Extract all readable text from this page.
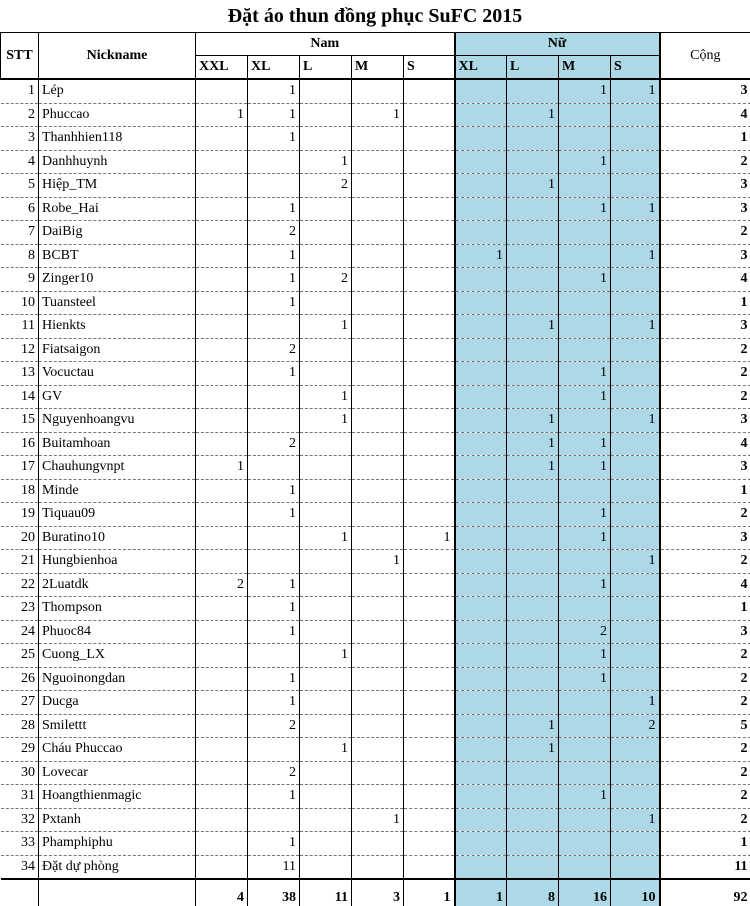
Đặt áo thun đồng phục SuFC 2015
STT	Nickname	Nam					Nữ				Cộng
		XXL	XL	L	M	S	XL	L	M	S	
1	Lép		1						1	1	3
2	Phuccao	1	1		1			1			4
3	Thanhhien118		1								1
4	Danhhuynh			1					1		2
5	Hiệp_TM			2				1			3
6	Robe_Hai		1						1	1	3
7	DaiBig		2								2
8	BCBT		1				1			1	3
9	Zinger10		1	2					1		4
10	Tuansteel		1								1
11	Hienkts			1				1		1	3
12	Fiatsaigon		2								2
13	Vocuctau		1						1		2
14	GV			1					1		2
15	Nguyenhoangvu			1				1		1	3
16	Buitamhoan		2					1	1		4
17	Chauhungvnpt	1						1	1		3
18	Minde		1								1
19	Tiquau09		1						1		2
20	Buratino10			1		1			1		3
21	Hungbienhoa				1					1	2
22	2Luatdk	2	1						1		4
23	Thompson		1								1
24	Phuoc84		1						2		3
25	Cuong_LX			1					1		2
26	Nguoinongdan		1						1		2
27	Ducga		1							1	2
28	Smilettt		2					1		2	5
29	Cháu Phuccao			1				1			2
30	Lovecar		2								2
31	Hoangthienmagic		1						1		2
32	Pxtanh				1					1	2
33	Phamphiphu		1								1
34	Đặt dự phòng		11								11
		4	38	11	3	1	1	8	16	10	92
